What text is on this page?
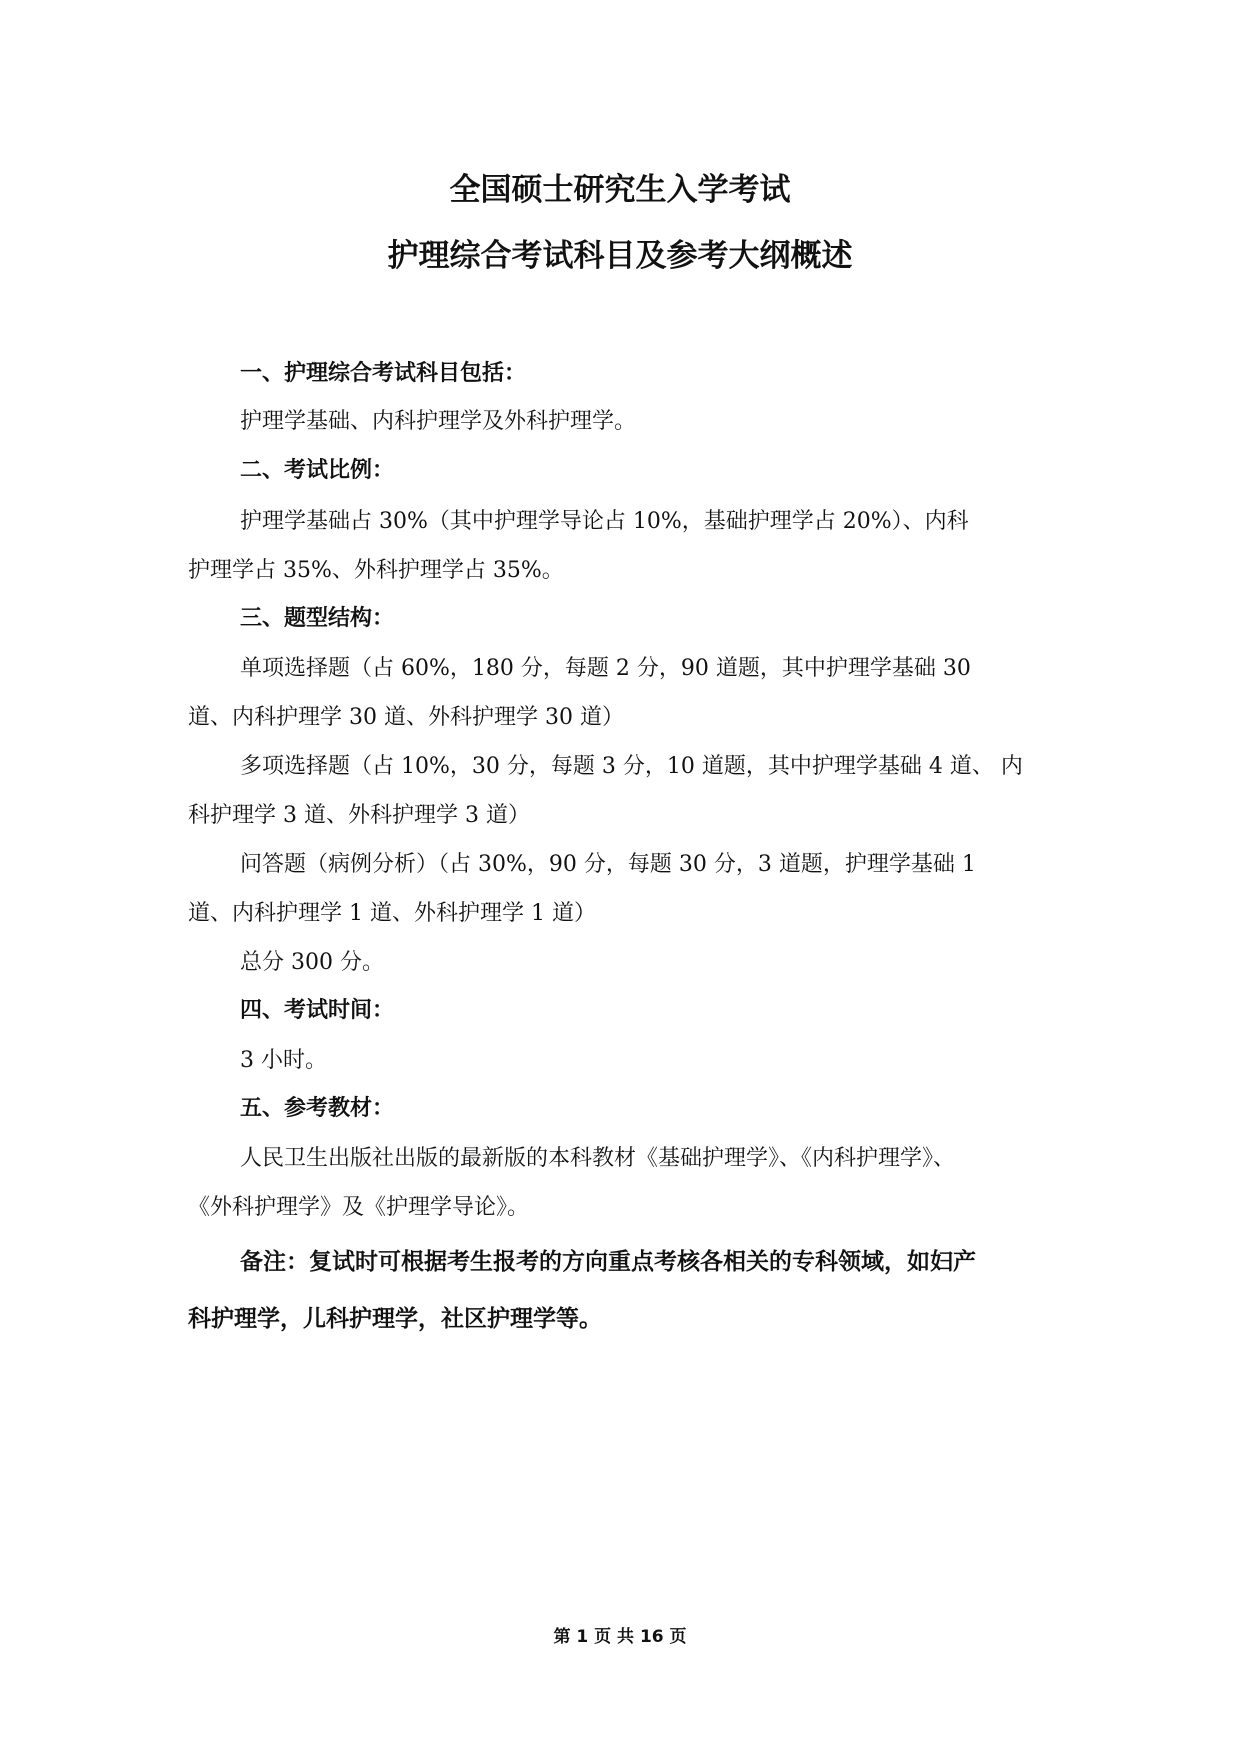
全国硕士研究生入学考试
护理综合考试科目及参考大纲概述

一、护理综合考试科目包括：

护理学基础、内科护理学及外科护理学。

二、考试比例：

护理学基础占 30%（其中护理学导论占 10%，基础护理学占 20%）、内科

护理学占 35%、外科护理学占 35%。

三、题型结构：

单项选择题（占 60%，180 分，每题 2 分，90 道题，其中护理学基础 30

道、内科护理学 30 道、外科护理学 30 道）

多项选择题（占 10%，30 分，每题 3 分，10 道题，其中护理学基础 4 道、 内

科护理学 3 道、外科护理学 3 道）

问答题（病例分析）（占 30%，90 分，每题 30 分，3 道题，护理学基础 1

道、内科护理学 1 道、外科护理学 1 道）

总分 300 分。

四、考试时间：

3 小时。

五、参考教材：

人民卫生出版社出版的最新版的本科教材《基础护理学》、《内科护理学》、

《外科护理学》及《护理学导论》。

备注：复试时可根据考生报考的方向重点考核各相关的专科领域，如妇产

科护理学，儿科护理学，社区护理学等。

第 1 页 共 16 页
